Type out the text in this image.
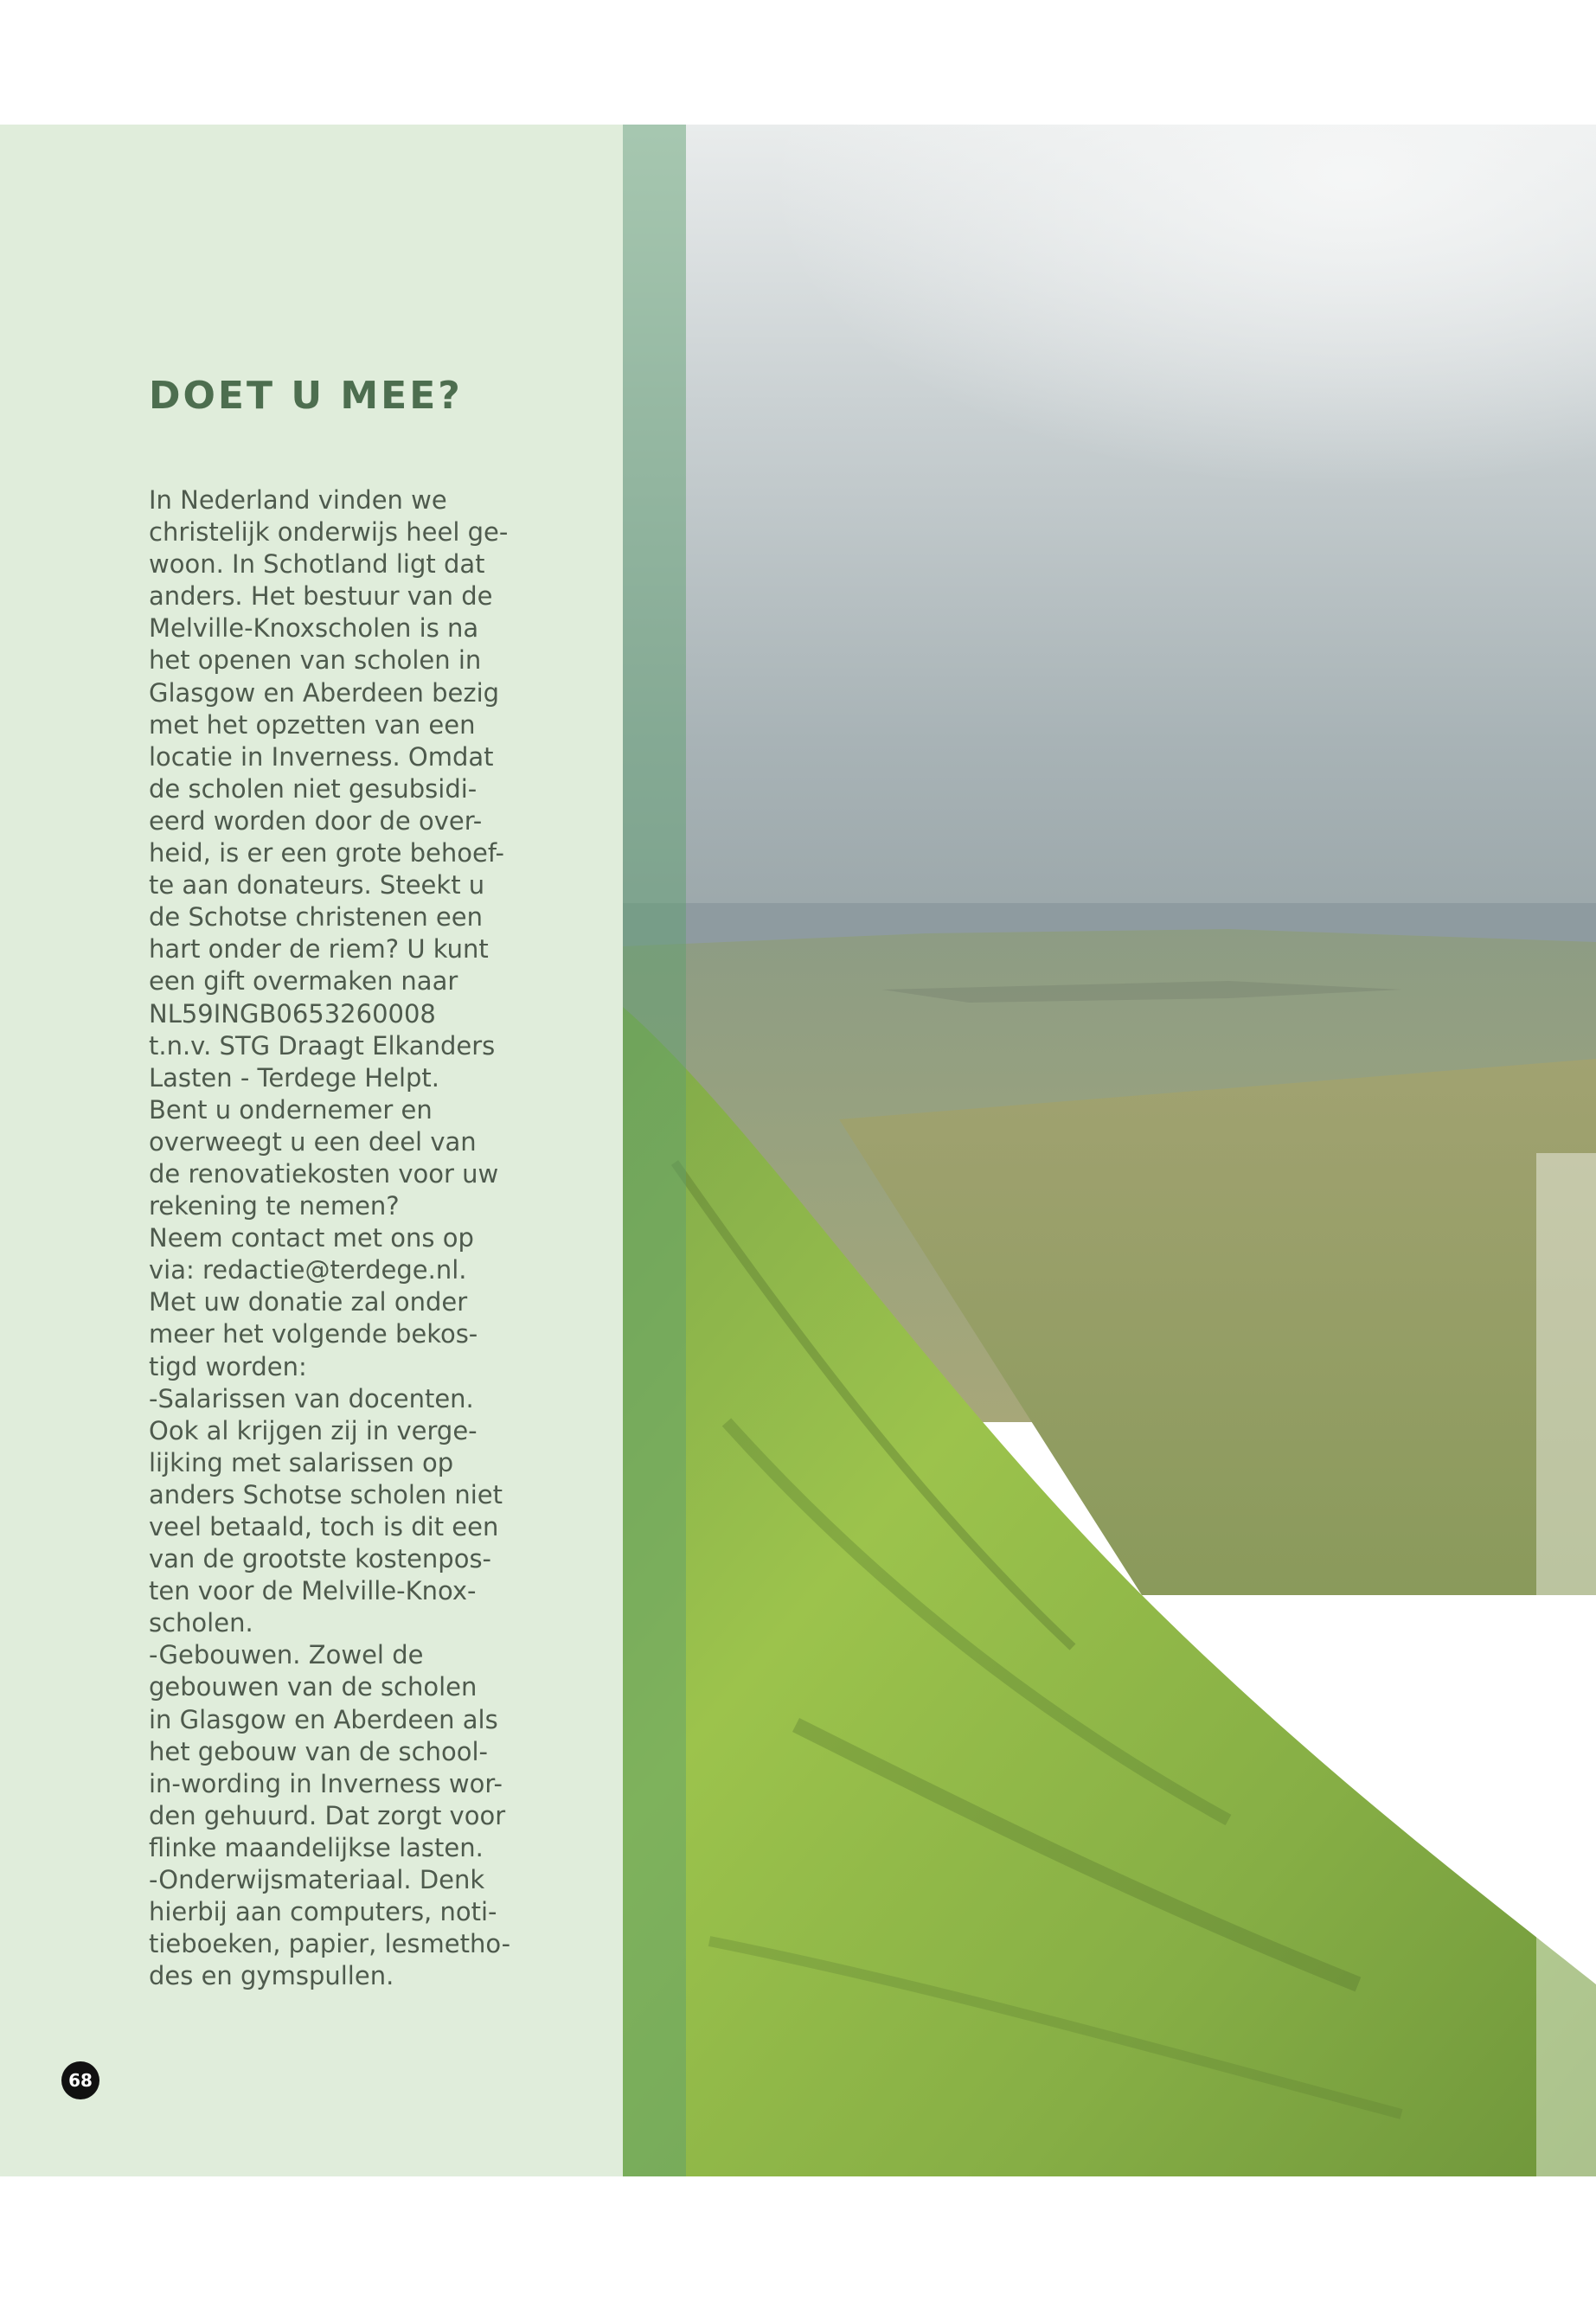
DOET U MEE?
In Nederland vinden we
christelijk onderwijs heel ge-
woon. In Schotland ligt dat
anders. Het bestuur van de
Melville-Knoxscholen is na
het openen van scholen in
Glasgow en Aberdeen bezig
met het opzetten van een
locatie in Inverness. Omdat
de scholen niet gesubsidi-
eerd worden door de over-
heid, is er een grote behoef-
te aan donateurs. Steekt u
de Schotse christenen een
hart onder de riem? U kunt
een gift overmaken naar
NL59INGB0653260008
t.n.v. STG Draagt Elkanders
Lasten - Terdege Helpt.
Bent u ondernemer en
overweegt u een deel van
de renovatiekosten voor uw
rekening te nemen?
Neem contact met ons op
via: redactie@terdege.nl.
Met uw donatie zal onder
meer het volgende bekos-
tigd worden:
-Salarissen van docenten.
Ook al krijgen zij in verge-
lijking met salarissen op
anders Schotse scholen niet
veel betaald, toch is dit een
van de grootste kostenpos-
ten voor de Melville-Knox-
scholen.
-Gebouwen. Zowel de
gebouwen van de scholen
in Glasgow en Aberdeen als
het gebouw van de school-
in-wording in Inverness wor-
den gehuurd. Dat zorgt voor
flinke maandelijkse lasten.
-Onderwijsmateriaal. Denk
hierbij aan computers, noti-
tieboeken, papier, lesmetho-
des en gymspullen.
68
